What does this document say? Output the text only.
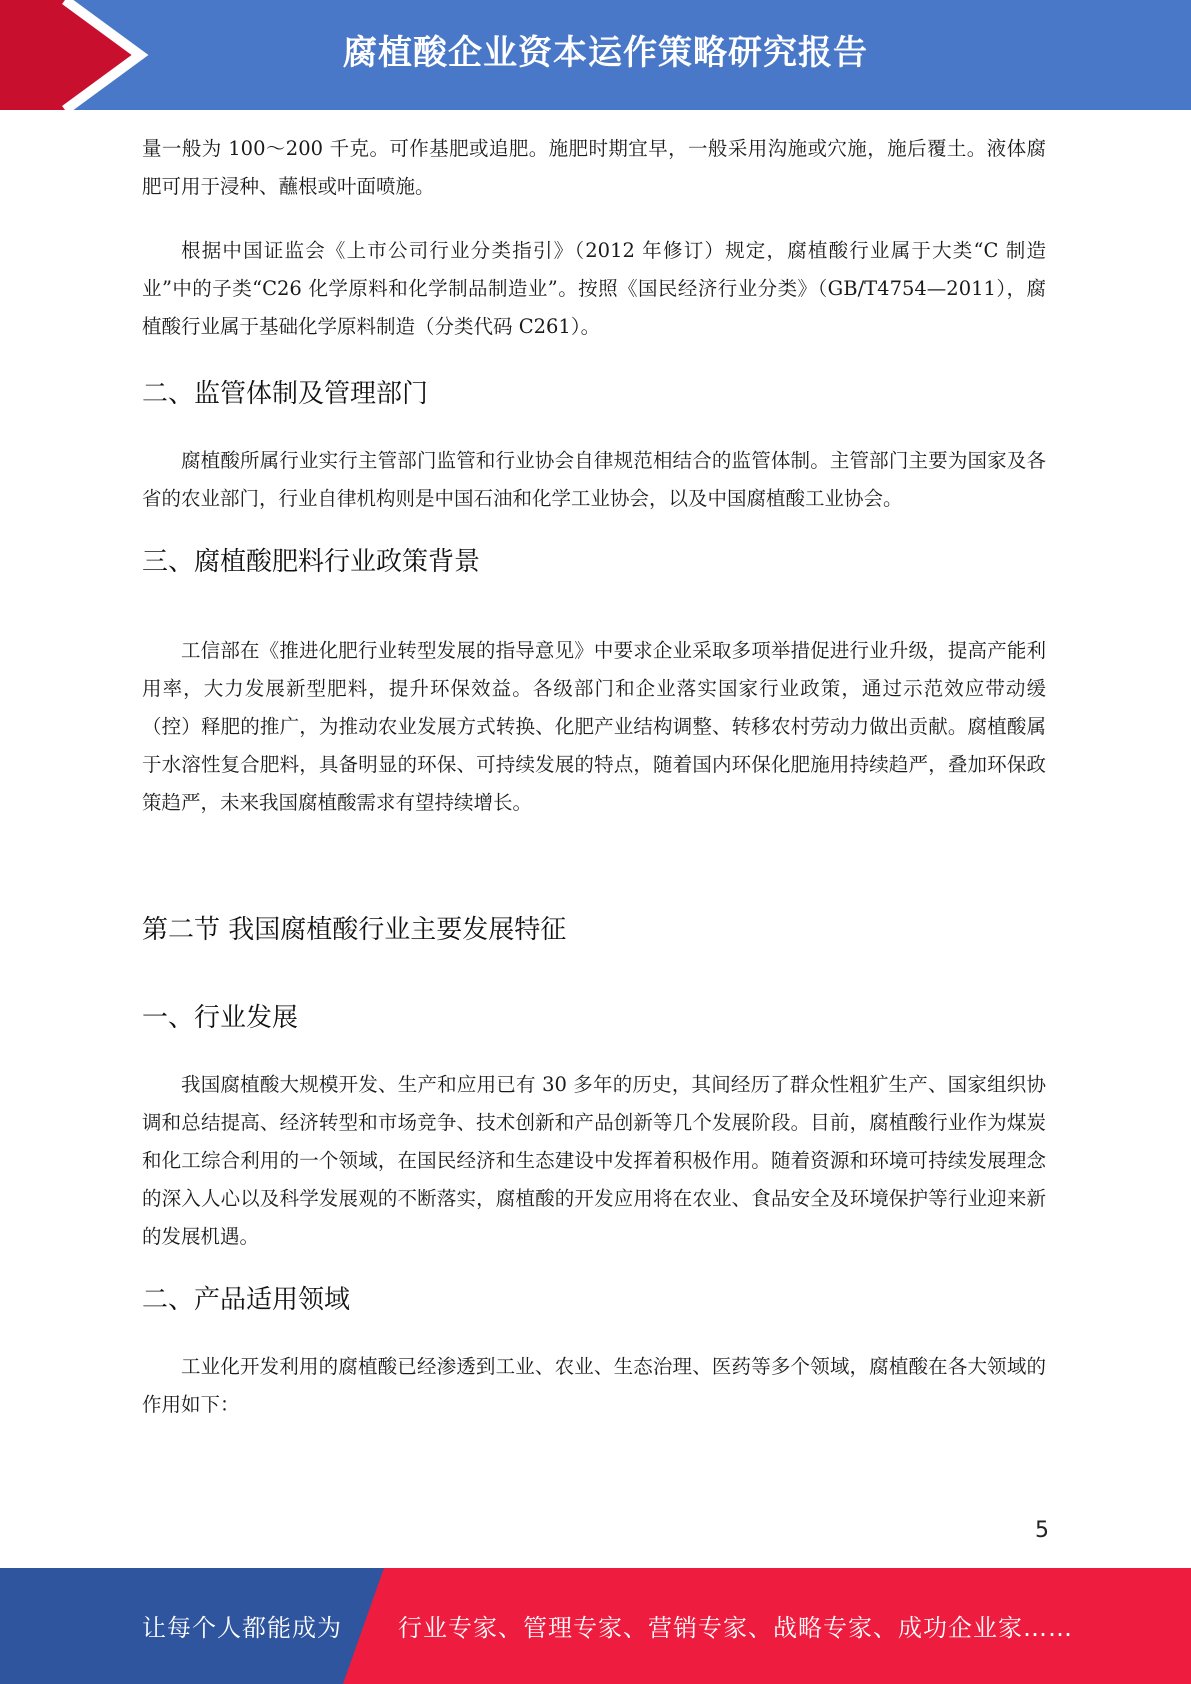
腐植酸企业资本运作策略研究报告

量一般为 100～200 千克。可作基肥或追肥。施肥时期宜早，一般采用沟施或穴施，施后覆土。液体腐肥可用于浸种、蘸根或叶面喷施。

根据中国证监会《上市公司行业分类指引》（2012 年修订）规定，腐植酸行业属于大类“C 制造业”中的子类“C26 化学原料和化学制品制造业”。按照《国民经济行业分类》（GB/T4754—2011），腐植酸行业属于基础化学原料制造（分类代码 C261）。

二、监管体制及管理部门

腐植酸所属行业实行主管部门监管和行业协会自律规范相结合的监管体制。主管部门主要为国家及各省的农业部门，行业自律机构则是中国石油和化学工业协会，以及中国腐植酸工业协会。

三、腐植酸肥料行业政策背景

工信部在《推进化肥行业转型发展的指导意见》中要求企业采取多项举措促进行业升级，提高产能利用率，大力发展新型肥料，提升环保效益。各级部门和企业落实国家行业政策，通过示范效应带动缓（控）释肥的推广，为推动农业发展方式转换、化肥产业结构调整、转移农村劳动力做出贡献。腐植酸属于水溶性复合肥料，具备明显的环保、可持续发展的特点，随着国内环保化肥施用持续趋严，叠加环保政策趋严，未来我国腐植酸需求有望持续增长。

第二节 我国腐植酸行业主要发展特征
一、行业发展

我国腐植酸大规模开发、生产和应用已有 30 多年的历史，其间经历了群众性粗犷生产、国家组织协调和总结提高、经济转型和市场竞争、技术创新和产品创新等几个发展阶段。目前，腐植酸行业作为煤炭和化工综合利用的一个领域，在国民经济和生态建设中发挥着积极作用。随着资源和环境可持续发展理念的深入人心以及科学发展观的不断落实，腐植酸的开发应用将在农业、食品安全及环境保护等行业迎来新的发展机遇。

二、产品适用领域

工业化开发利用的腐植酸已经渗透到工业、农业、生态治理、医药等多个领域，腐植酸在各大领域的作用如下：

5
让每个人都能成为 行业专家、管理专家、营销专家、战略专家、成功企业家……
